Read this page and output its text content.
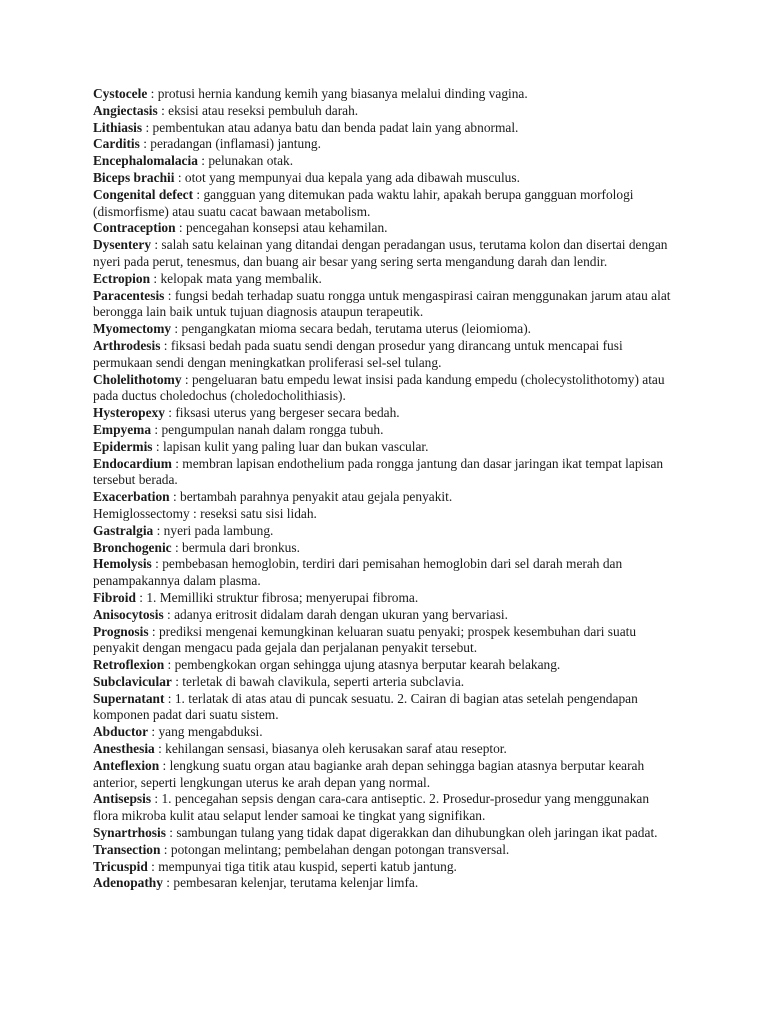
Cystocele : protusi hernia kandung kemih yang biasanya melalui dinding vagina.

Angiectasis : eksisi atau reseksi pembuluh darah.

Lithiasis : pembentukan atau adanya batu dan benda padat lain yang abnormal.

Carditis : peradangan (inflamasi) jantung.

Encephalomalacia : pelunakan otak.

Biceps brachii : otot yang mempunyai dua kepala yang ada dibawah musculus.

Congenital defect : gangguan yang ditemukan pada waktu lahir, apakah berupa gangguan morfologi (dismorfisme) atau suatu cacat bawaan metabolism.

Contraception : pencegahan konsepsi atau kehamilan.

Dysentery : salah satu kelainan yang ditandai dengan peradangan usus, terutama kolon dan disertai dengan nyeri pada perut, tenesmus, dan buang air besar yang sering serta mengandung darah dan lendir.

Ectropion : kelopak mata yang membalik.

Paracentesis : fungsi bedah terhadap suatu rongga untuk mengaspirasi cairan menggunakan jarum atau alat berongga lain baik untuk tujuan diagnosis ataupun terapeutik.

Myomectomy : pengangkatan mioma secara bedah, terutama uterus (leiomioma).

Arthrodesis : fiksasi bedah pada suatu sendi dengan prosedur yang dirancang untuk mencapai fusi permukaan sendi dengan meningkatkan proliferasi sel-sel tulang.

Cholelithotomy : pengeluaran batu empedu lewat insisi pada kandung empedu (cholecystolithotomy) atau pada ductus choledochus (choledocholithiasis).

Hysteropexy : fiksasi uterus yang bergeser secara bedah.

Empyema : pengumpulan nanah dalam rongga tubuh.

Epidermis : lapisan kulit yang paling luar dan bukan vascular.

Endocardium : membran lapisan endothelium pada rongga jantung dan dasar jaringan ikat tempat lapisan tersebut berada.

Exacerbation : bertambah parahnya penyakit atau gejala penyakit.

Hemiglossectomy : reseksi satu sisi lidah.

Gastralgia : nyeri pada lambung.

Bronchogenic : bermula dari bronkus.

Hemolysis : pembebasan hemoglobin, terdiri dari pemisahan hemoglobin dari sel darah merah dan penampakannya dalam plasma.

Fibroid : 1. Memilliki struktur fibrosa; menyerupai fibroma.

Anisocytosis : adanya eritrosit didalam darah dengan ukuran yang bervariasi.

Prognosis : prediksi mengenai kemungkinan keluaran suatu penyaki; prospek kesembuhan dari suatu penyakit dengan mengacu pada gejala dan perjalanan penyakit tersebut.

Retroflexion : pembengkokan organ sehingga ujung atasnya berputar kearah belakang.

Subclavicular : terletak di bawah clavikula, seperti arteria subclavia.

Supernatant : 1. terlatak di atas atau di puncak sesuatu. 2. Cairan di bagian atas setelah pengendapan komponen padat dari suatu sistem.

Abductor : yang mengabduksi.

Anesthesia : kehilangan sensasi, biasanya oleh kerusakan saraf atau reseptor.

Anteflexion : lengkung suatu organ atau bagianke arah depan sehingga bagian atasnya berputar kearah anterior, seperti lengkungan uterus ke arah depan yang normal.

Antisepsis : 1. pencegahan sepsis dengan cara-cara antiseptic. 2. Prosedur-prosedur yang menggunakan flora mikroba kulit atau selaput lender samoai ke tingkat yang signifikan.

Synartrhosis : sambungan tulang yang tidak dapat digerakkan dan dihubungkan oleh jaringan ikat padat.

Transection : potongan melintang; pembelahan dengan potongan transversal.

Tricuspid : mempunyai tiga titik atau kuspid, seperti katub jantung.

Adenopathy : pembesaran kelenjar, terutama kelenjar limfa.
